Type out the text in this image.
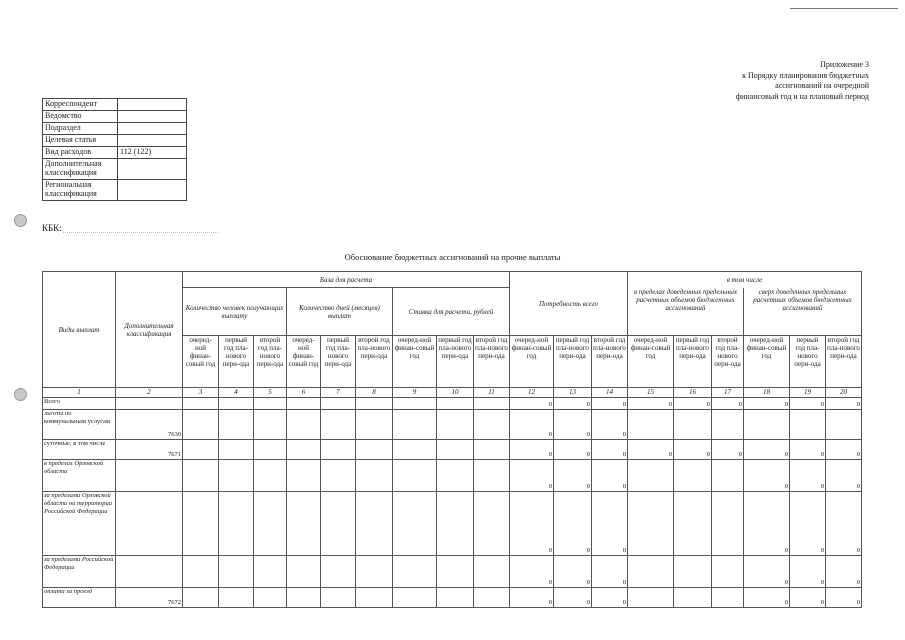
Приложение 3
к Порядку планирования бюджетных
ассигнований на очередной
финансовый год и на плановый период
Корреспондент	
Ведомство	
Подраздел	
Целевая статья	
Вид расходов	112 (122)
Дополнительная классификация	
Региональная классификация	
КБК:
Обоснование бюджетных ассигнований на прочие выплаты
Виды выплат	Дополнительная классификация	База для расчета									Потребность всего			в том числе					
		Количество человек получающих выплату			Количество дней (месяцев) выплат			Ставка для расчета, рублей						в пределах доведенных предельных расчетных объемов бюджетных ассигнований			сверх доведенных предельных расчетных объемов бюджетных ассигнований		

		очеред-ной финан-совый год	первый год пла-нового пери-ода	второй год пла-нового пери-ода	очеред-ной финан-совый год	первый год пла-нового пери-ода	второй год пла-нового пери-ода	очеред-ной финан-совый год	первый год пла-нового пери-ода	второй год пла-нового пери-ода	очеред-ной финан-совый год	первый год пла-нового пери-ода	второй год пла-нового пери-ода	очеред-ной финан-совый год	первый год пла-нового пери-ода	второй год пла-нового пери-ода	очеред-ной финан-совый год	первый год пла-нового пери-ода	второй год пла-нового пери-ода
1	2	3	4	5	6	7	8	9	10	11	12	13	14	15	16	17	18	19	20
Всего											0	0	0	0	0	0	0	0	0
льготы по коммунальным услугам	7630										0	0	0						
суточные, в том числе	7671										0	0	0	0	0	0	0	0	0
в пределах Орловской области											0	0	0				0	0	0
за пределами Орловской области на территории Российской Федерации											0	0	0				0	0	0
за пределами Российской Федерации											0	0	0				0	0	0
оплата за проезд	7672										0	0	0				0	0	0
